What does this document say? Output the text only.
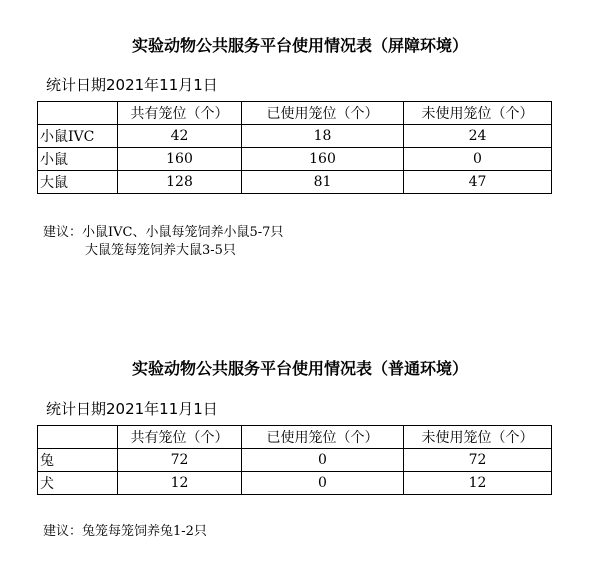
实验动物公共服务平台使用情况表（屏障环境）
统计日期2021年11月1日
	共有笼位（个）	已使用笼位（个）	未使用笼位（个）
小鼠IVC	42	18	24
小鼠	160	160	0
大鼠	128	81	47
建议：小鼠IVC、小鼠每笼饲养小鼠5-7只
大鼠笼每笼饲养大鼠3-5只
实验动物公共服务平台使用情况表（普通环境）
统计日期2021年11月1日
	共有笼位（个）	已使用笼位（个）	未使用笼位（个）
兔	72	0	72
犬	12	0	12
建议：兔笼每笼饲养兔1-2只
